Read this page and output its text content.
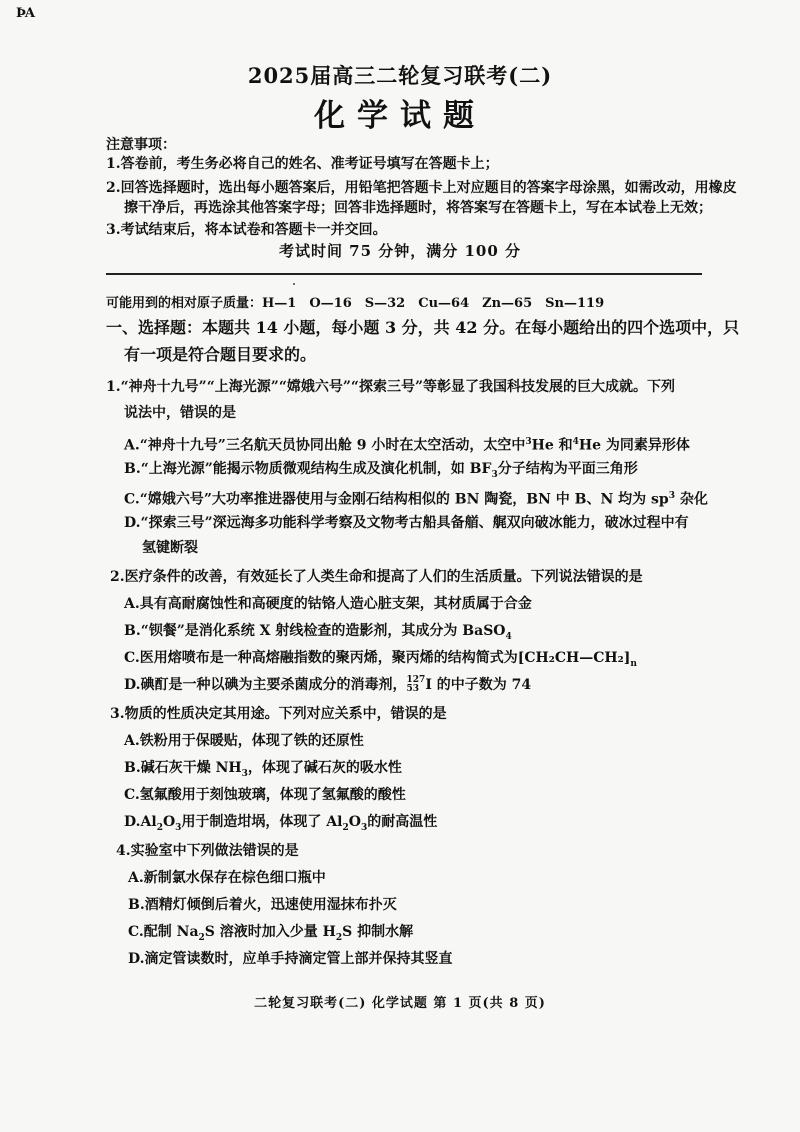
ÞA
2025届高三二轮复习联考(二)
化学试题
注意事项：
1.答卷前，考生务必将自己的姓名、准考证号填写在答题卡上；
2.回答选择题时，选出每小题答案后，用铅笔把答题卡上对应题目的答案字母涂黑，如需改动，用橡皮
擦干净后，再选涂其他答案字母；回答非选择题时，将答案写在答题卡上，写在本试卷上无效；
3.考试结束后，将本试卷和答题卡一并交回。
考试时间 75 分钟，满分 100 分
可能用到的相对原子质量：H—1　O—16　S—32　Cu—64　Zn—65　Sn—119
一、选择题：本题共 14 小题，每小题 3 分，共 42 分。在每小题给出的四个选项中，只
有一项是符合题目要求的。
1.“神舟十九号”“上海光源”“嫦娥六号”“探索三号”等彰显了我国科技发展的巨大成就。下列
说法中，错误的是
A.“神舟十九号”三名航天员协同出舱 9 小时在太空活动，太空中$^3$He 和$^4$He 为同素异形体
B.“上海光源”能揭示物质微观结构生成及演化机制，如 $BF_3$分子结构为平面三角形
C.“嫦娥六号”大功率推进器使用与金刚石结构相似的 BN 陶瓷，BN 中 B、N 均为 $sp^3$ 杂化
D.“探索三号”深远海多功能科学考察及文物考古船具备艏、艉双向破冰能力，破冰过程中有
氢键断裂
2.医疗条件的改善，有效延长了人类生命和提高了人们的生活质量。下列说法错误的是
A.具有高耐腐蚀性和高硬度的钴铬人造心脏支架，其材质属于合金
B.“钡餐”是消化系统 X 射线检查的造影剂，其成分为 BaSO$_4$
C.医用熔喷布是一种高熔融指数的聚丙烯，聚丙烯的结构简式为$[CH_2CH—CH_2]_n$
D.碘酊是一种以碘为主要杀菌成分的消毒剂， 127
53 I 的中子数为 74
3.物质的性质决定其用途。下列对应关系中，错误的是
A.铁粉用于保暖贴，体现了铁的还原性
B.碱石灰干燥 $NH_3$，体现了碱石灰的吸水性
C.氢氟酸用于刻蚀玻璃，体现了氢氟酸的酸性
$D.Al_2O_3$用于制造坩埚，体现了 $Al_2O_3$的耐高温性
4.实验室中下列做法错误的是
A.新制氯水保存在棕色细口瓶中
B.酒精灯倾倒后着火，迅速使用湿抹布扑灭
C.配制 $Na_2S$ 溶液时加入少量 $H_2S$ 抑制水解
D.滴定管读数时，应单手持滴定管上部并保持其竖直
二轮复习联考(二) 化学试题 第 1 页(共 8 页)
